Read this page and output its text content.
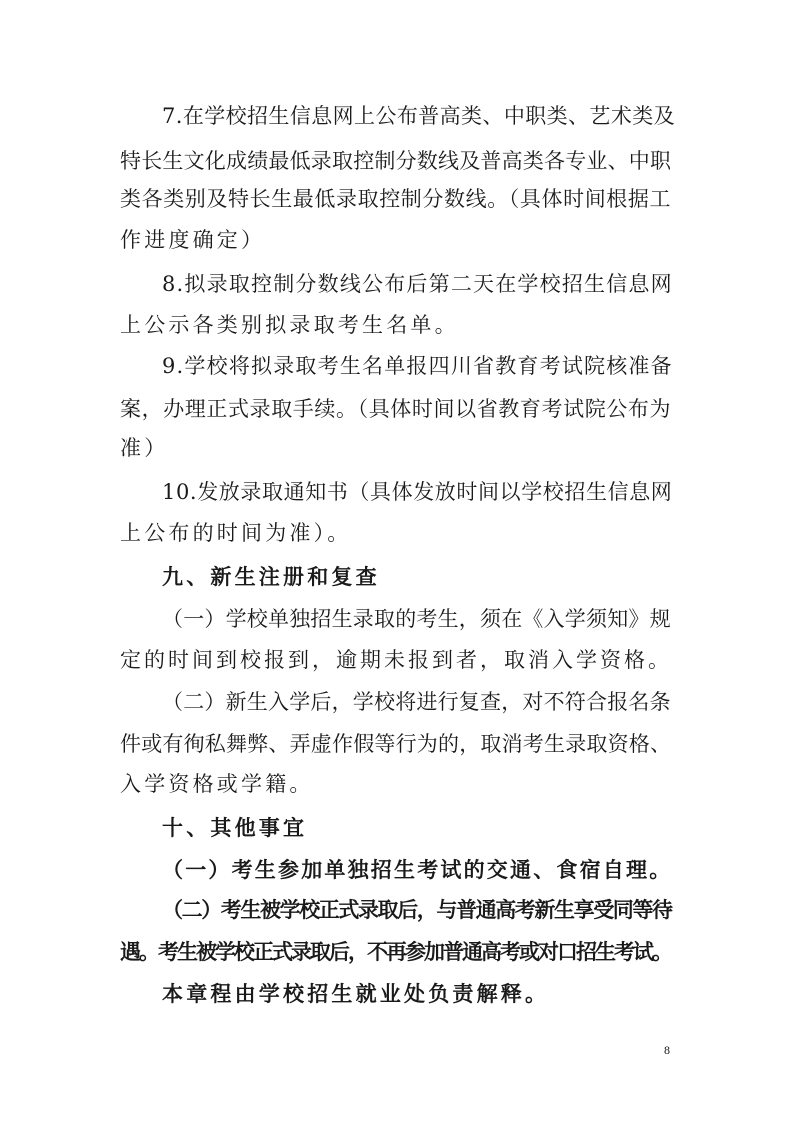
7.在学校招生信息网上公布普高类、中职类、艺术类及
特长生文化成绩最低录取控制分数线及普高类各专业、中职
类各类别及特长生最低录取控制分数线。（具体时间根据工
作进度确定）
8.拟录取控制分数线公布后第二天在学校招生信息网
上公示各类别拟录取考生名单。
9.学校将拟录取考生名单报四川省教育考试院核准备
案，办理正式录取手续。（具体时间以省教育考试院公布为
准）
10.发放录取通知书（具体发放时间以学校招生信息网
上公布的时间为准）。
九、新生注册和复查
（一）学校单独招生录取的考生，须在《入学须知》规
定的时间到校报到，逾期未报到者，取消入学资格。
（二）新生入学后，学校将进行复查，对不符合报名条
件或有徇私舞弊、弄虚作假等行为的，取消考生录取资格、
入学资格或学籍。
十、其他事宜
（一）考生参加单独招生考试的交通、食宿自理。
（二）考生被学校正式录取后，与普通高考新生享受同等待
遇。考生被学校正式录取后，不再参加普通高考或对口招生考试。
本章程由学校招生就业处负责解释。
8
